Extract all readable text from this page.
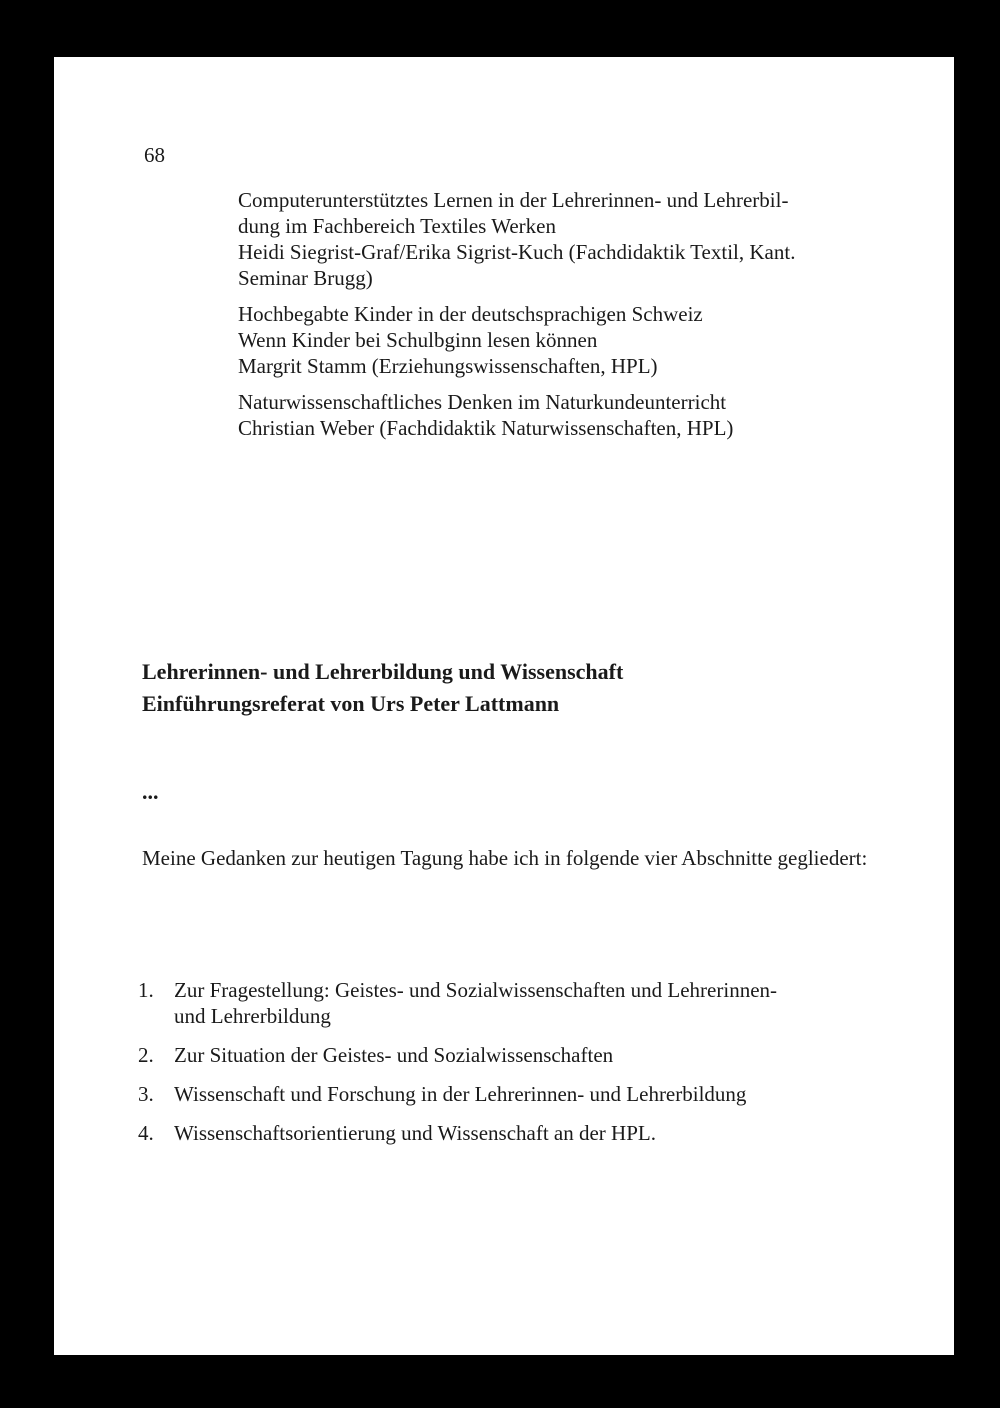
68
Computerunterstütztes Lernen in der Lehrerinnen- und Lehrerbil-
dung im Fachbereich Textiles Werken
Heidi Siegrist-Graf/Erika Sigrist-Kuch (Fachdidaktik Textil, Kant.
Seminar Brugg)
Hochbegabte Kinder in der deutschsprachigen Schweiz
Wenn Kinder bei Schulbginn lesen können
Margrit Stamm (Erziehungswissenschaften, HPL)
Naturwissenschaftliches Denken im Naturkundeunterricht
Christian Weber (Fachdidaktik Naturwissenschaften, HPL)
Lehrerinnen- und Lehrerbildung und Wissenschaft
Einführungsreferat von Urs Peter Lattmann
...
Meine Gedanken zur heutigen Tagung habe ich in folgende vier Abschnitte gegliedert:
1. Zur Fragestellung: Geistes- und Sozialwissenschaften und Lehrerinnen-
und Lehrerbildung
2. Zur Situation der Geistes- und Sozialwissenschaften
3. Wissenschaft und Forschung in der Lehrerinnen- und Lehrerbildung
4. Wissenschaftsorientierung und Wissenschaft an der HPL.
